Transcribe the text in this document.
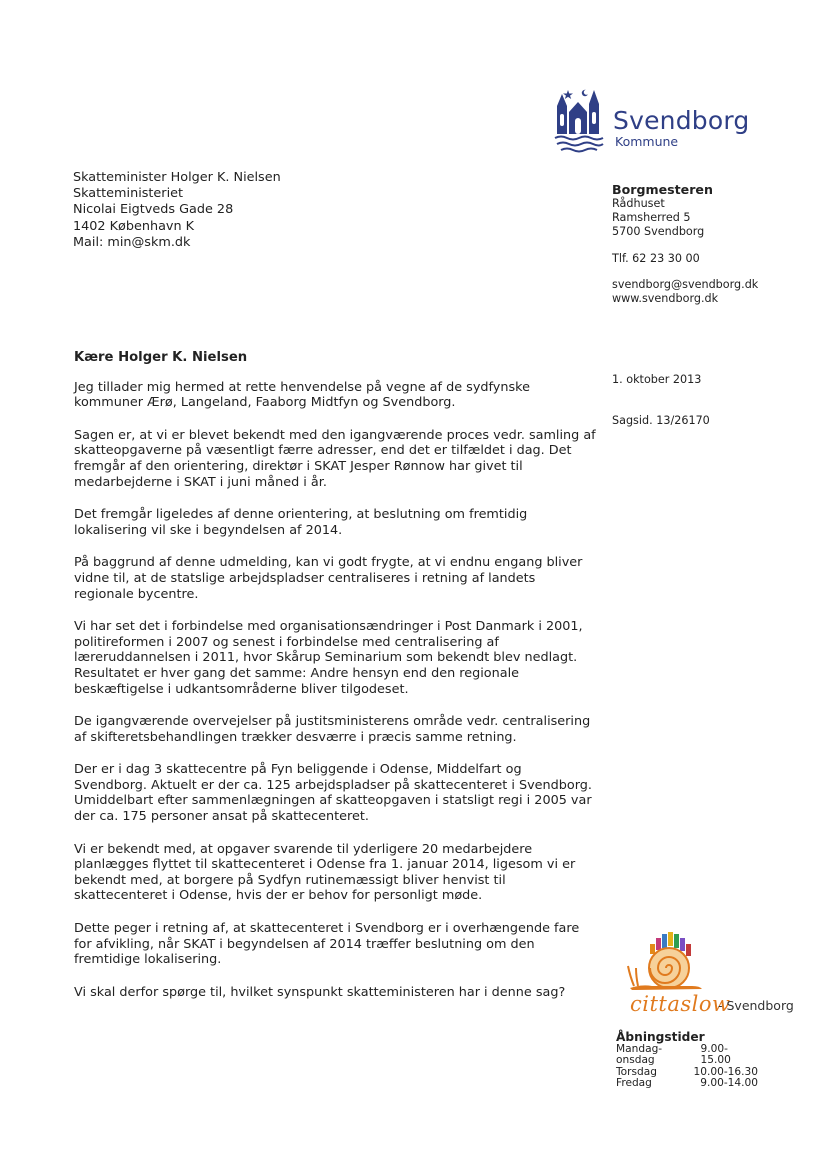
Svendborg
Kommune
Skatteminister Holger K. Nielsen
Skatteministeriet
Nicolai Eigtveds Gade 28
1402 København K
Mail: min@skm.dk
Borgmesteren
Rådhuset
Ramsherred 5
5700 Svendborg
Tlf. 62 23 30 00
svendborg@svendborg.dk
www.svendborg.dk
1. oktober 2013
Sagsid. 13/26170
Kære Holger K. Nielsen

Jeg tillader mig hermed at rette henvendelse på vegne af de sydfynske kommuner Ærø, Langeland, Faaborg Midtfyn og Svendborg.

Sagen er, at vi er blevet bekendt med den igangværende proces vedr. samling af skatteopgaverne på væsentligt færre adresser, end det er tilfældet i dag. Det fremgår af den orientering, direktør i SKAT Jesper Rønnow har givet til medarbejderne i SKAT i juni måned i år.

Det fremgår ligeledes af denne orientering, at beslutning om fremtidig lokalisering vil ske i begyndelsen af 2014.

På baggrund af denne udmelding, kan vi godt frygte, at vi endnu engang bliver vidne til, at de statslige arbejdspladser centraliseres i retning af landets regionale bycentre.

Vi har set det i forbindelse med organisationsændringer i Post Danmark i 2001, politireformen i 2007 og senest i forbindelse med centralisering af læreruddannelsen i 2011, hvor Skårup Seminarium som bekendt blev nedlagt. Resultatet er hver gang det samme: Andre hensyn end den regionale beskæftigelse i udkantsområderne bliver tilgodeset.

De igangværende overvejelser på justitsministerens område vedr. centralisering af skifteretsbehandlingen trækker desværre i præcis samme retning.

Der er i dag 3 skattecentre på Fyn beliggende i Odense, Middelfart og Svendborg. Aktuelt er der ca. 125 arbejdspladser på skattecenteret i Svendborg. Umiddelbart efter sammenlægningen af skatteopgaven i statsligt regi i 2005 var der ca. 175 personer ansat på skattecenteret.

Vi er bekendt med, at opgaver svarende til yderligere 20 medarbejdere planlægges flyttet til skattecenteret i Odense fra 1. januar 2014, ligesom vi er bekendt med, at borgere på Sydfyn rutinemæssigt bliver henvist til skattecenteret i Odense, hvis der er behov for personligt møde.

Dette peger i retning af, at skattecenteret i Svendborg er i overhængende fare for afvikling, når SKAT i begyndelsen af 2014 træffer beslutning om den fremtidige lokalisering.

Vi skal derfor spørge til, hvilket synspunkt skatteministeren har i denne sag?	cittaslow
- Svendborg
Åbningstider
Mandag-onsdag
9.00-15.00
Torsdag	10.00-16.30
Fredag	9.00-14.00
